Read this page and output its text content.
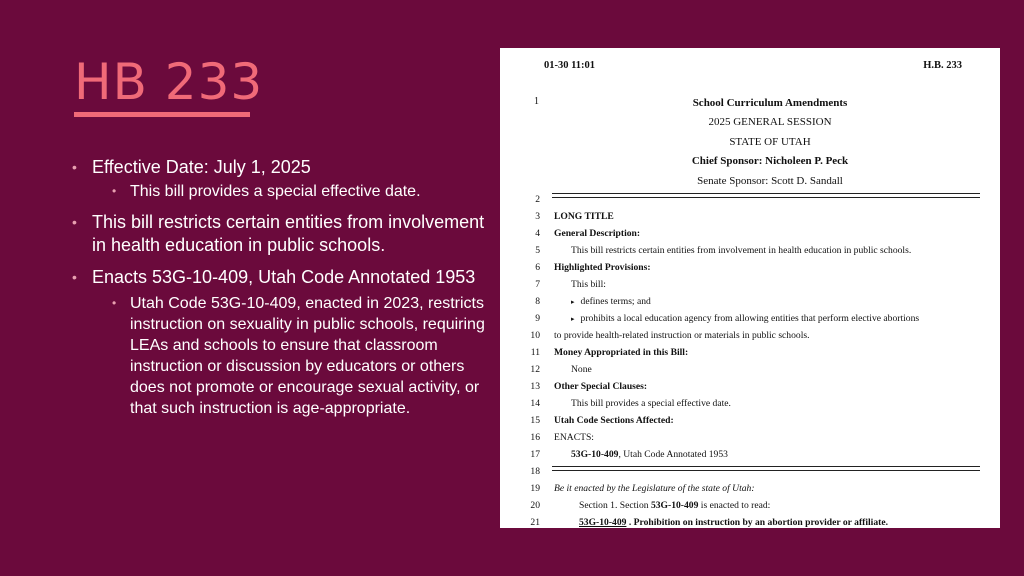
HB 233
• Effective Date: July 1, 2025
• This bill provides a special effective date.
• This bill restricts certain entities from involvement in health education in public schools.
• Enacts 53G-10-409, Utah Code Annotated 1953
• Utah Code 53G-10-409, enacted in 2023, restricts instruction on sexuality in public schools, requiring LEAs and schools to ensure that classroom instruction or discussion by educators or others does not promote or encourage sexual activity, or that such instruction is age-appropriate.
01-30 11:01	H.B. 233
1	School Curriculum Amendments
2025 GENERAL SESSION
STATE OF UTAH
Chief Sponsor: Nicholeen P. Peck
Senate Sponsor: Scott D. Sandall
2
3 LONG TITLE
4 General Description:
5	This bill restricts certain entities from involvement in health education in public schools.
6 Highlighted Provisions:
7	This bill:
8	▸ defines terms; and
9	▸ prohibits a local education agency from allowing entities that perform elective abortions
10 to provide health-related instruction or materials in public schools.
11 Money Appropriated in this Bill:
12	None
13 Other Special Clauses:
14	This bill provides a special effective date.
15 Utah Code Sections Affected:
16 ENACTS:
17	53G-10-409, Utah Code Annotated 1953
18
19 Be it enacted by the Legislature of the state of Utah:
20	Section 1. Section 53G-10-409 is enacted to read:
21	53G-10-409 . Prohibition on instruction by an abortion provider or affiliate.
